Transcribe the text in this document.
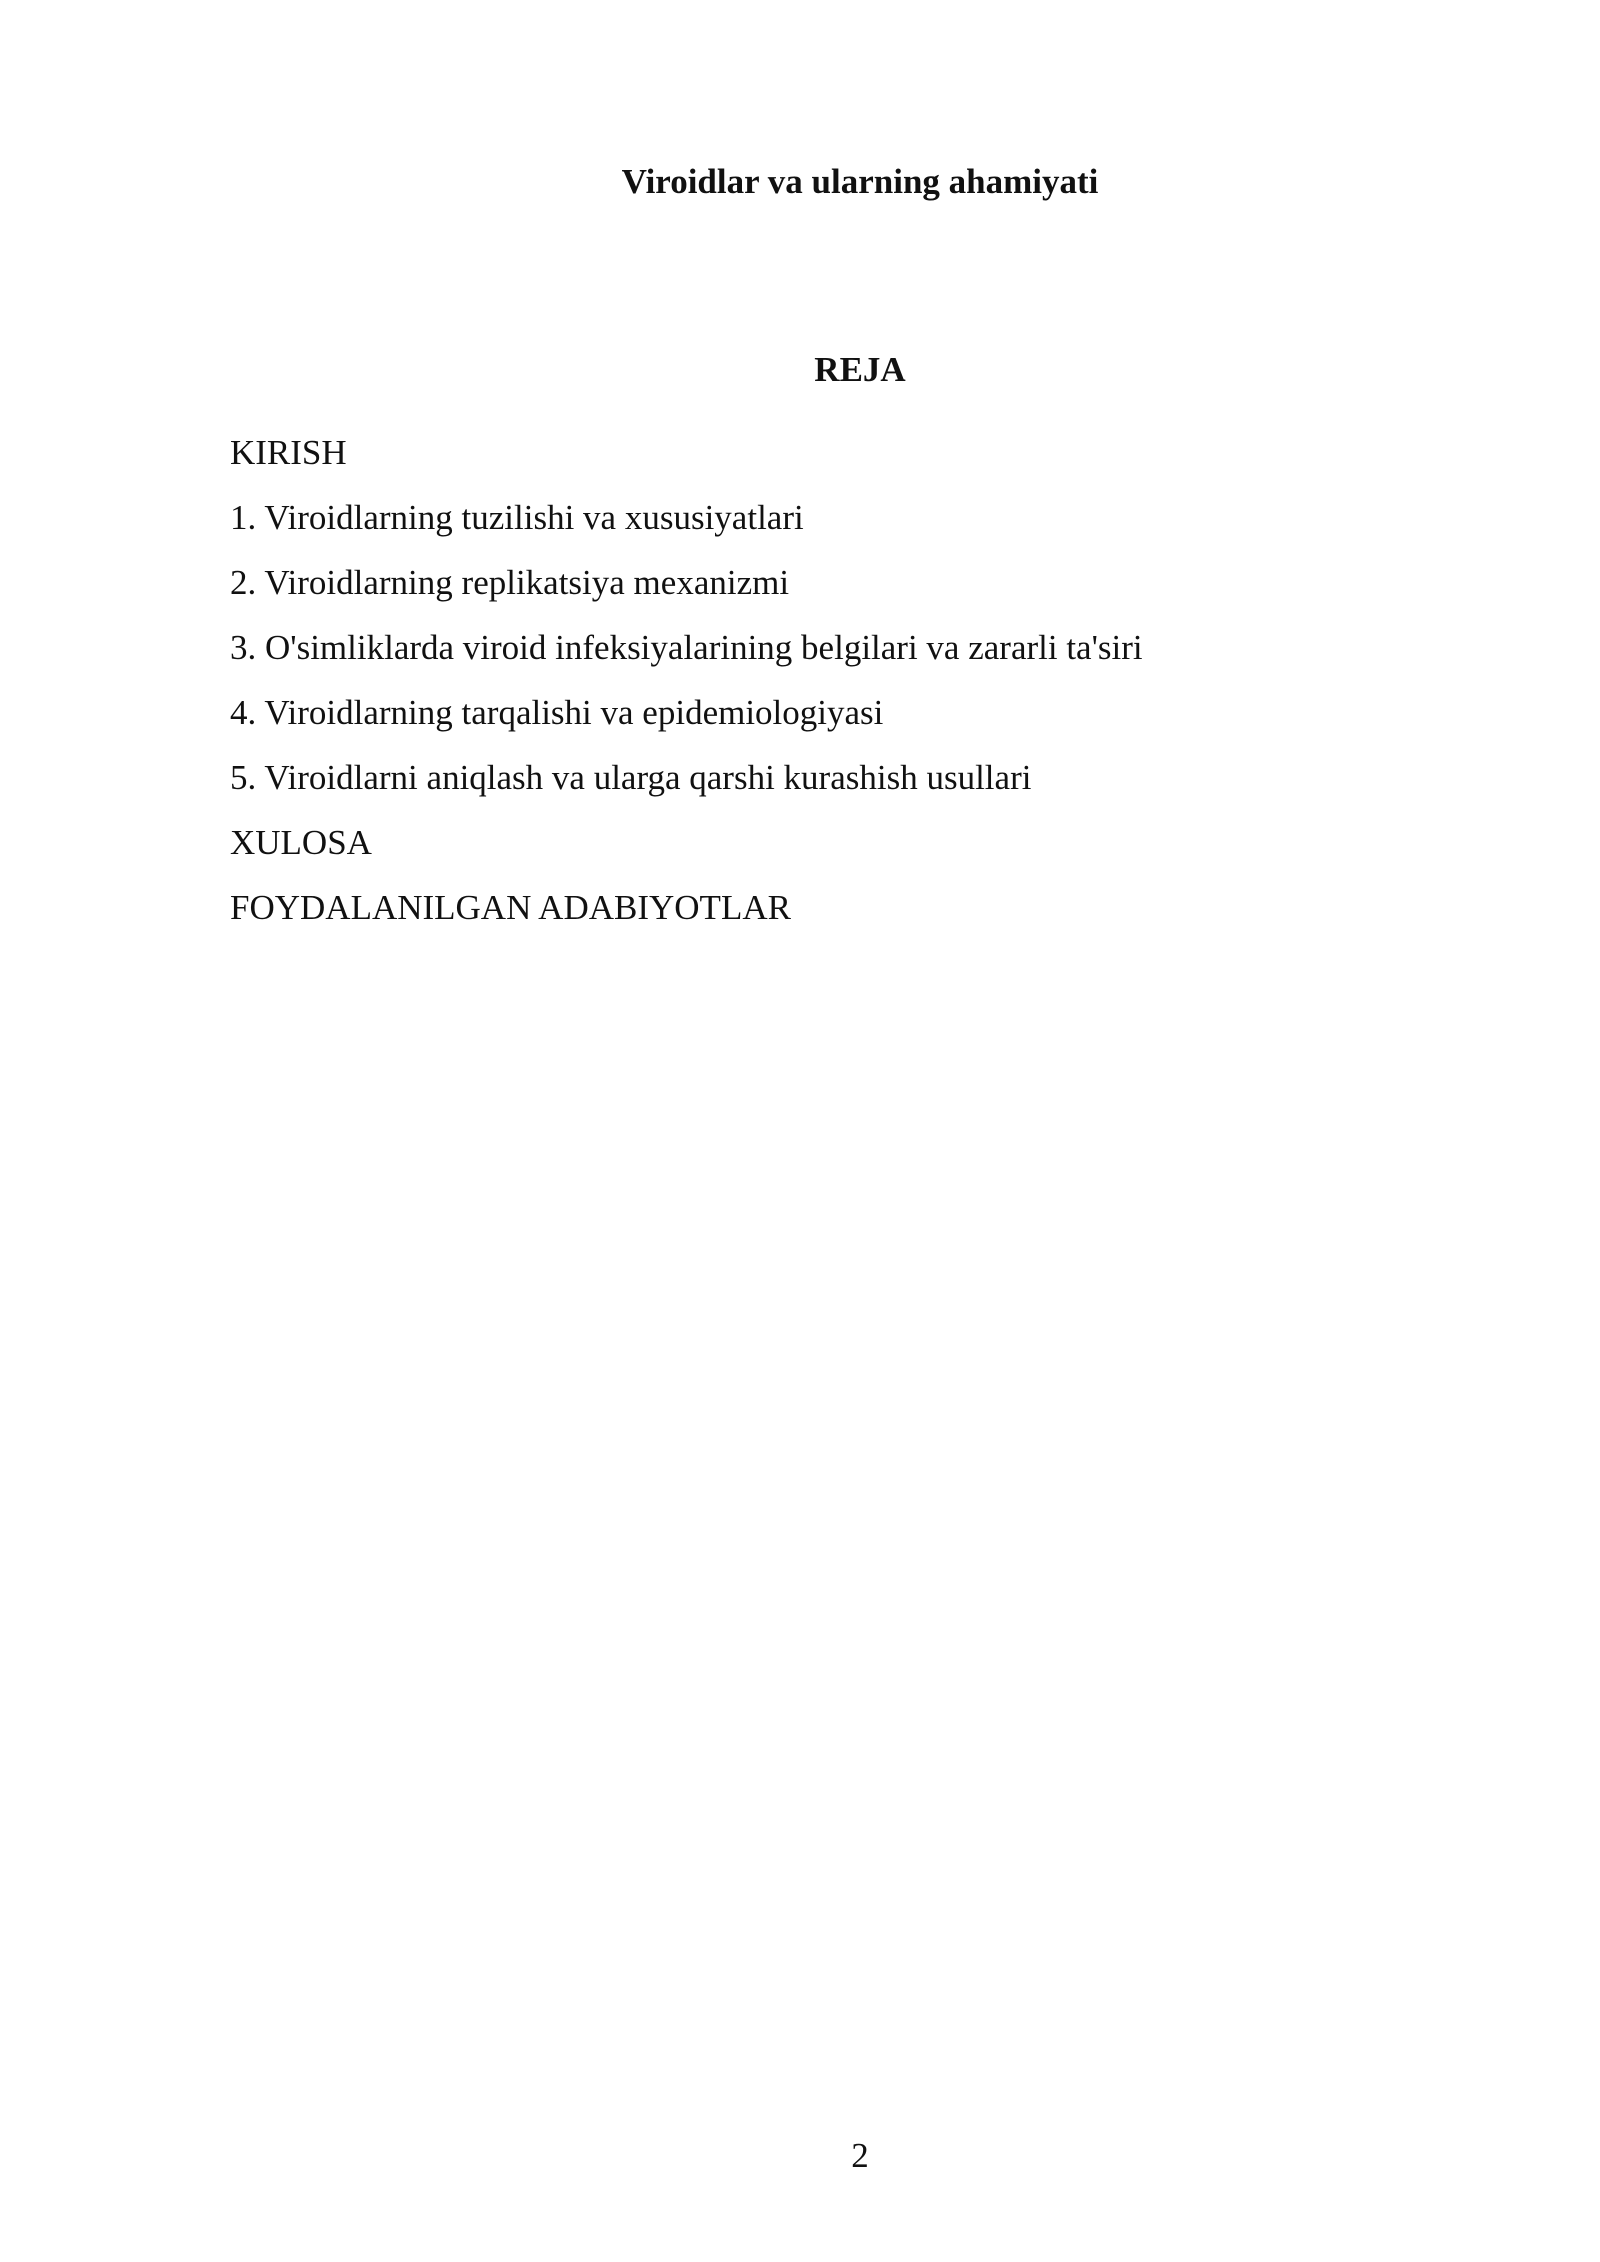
Viroidlar va ularning ahamiyati
REJA
KIRISH
1. Viroidlarning tuzilishi va xususiyatlari
2. Viroidlarning replikatsiya mexanizmi
3. O'simliklarda viroid infeksiyalarining belgilari va zararli ta'siri
4. Viroidlarning tarqalishi va epidemiologiyasi
5. Viroidlarni aniqlash va ularga qarshi kurashish usullari
XULOSA
FOYDALANILGAN ADABIYOTLAR
2
